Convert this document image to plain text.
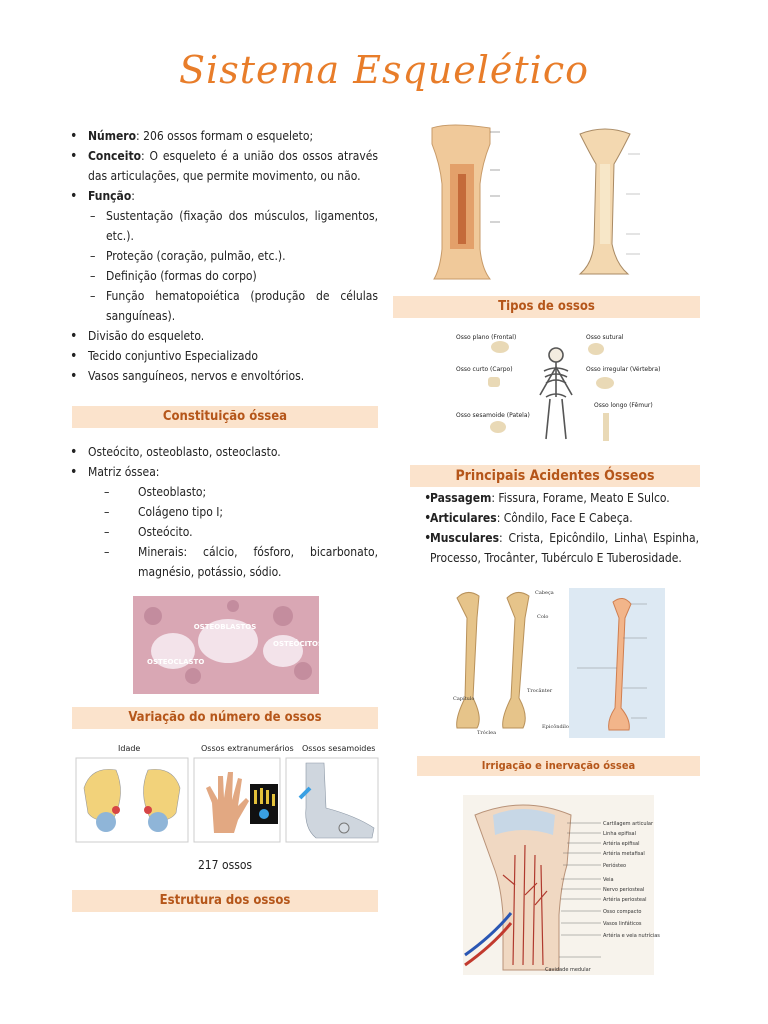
Sistema Esquelético
• Número: 206 ossos formam o esqueleto;
• Conceito: O esqueleto é a união dos ossos através das articulações, que permite movimento, ou não.
• Função:
– Sustentação (fixação dos músculos, ligamentos, etc.).
– Proteção (coração, pulmão, etc.).
– Definição (formas do corpo)
– Função hematopoiética (produção de células sanguíneas).
• Divisão do esqueleto.
• Tecido conjuntivo Especializado
• Vasos sanguíneos, nervos e envoltórios.
Constituição óssea
• Osteócito, osteoblasto, osteoclasto.
• Matriz óssea:
– Osteoblasto;
– Colágeno tipo I;
– Osteócito.
– Minerais: cálcio, fósforo, bicarbonato, magnésio, potássio, sódio.
OSTEOBLASTOS
OSTEÓCITOS
OSTEOCLASTO
Variação do número de ossos
Idade	Ossos extranumerários Ossos sesamoides
217 ossos
Estrutura dos ossos
Tipos de ossos
Osso plano (Frontal)	Osso sutural
Osso curto (Carpo)	Osso irregular (Vértebra)
Osso sesamoide (Patela)
Osso longo (Fêmur)
Principais Acidentes Ósseos
• Passagem: Fissura, Forame, Meato E Sulco.
• Articulares: Côndilo, Face E Cabeça.
• Musculares: Crista, Epicôndilo, Linha\ Espinha, Processo, Trocânter, Tubérculo E Tuberosidade.
Cabeça
Colo
Trocânter
Epicôndilo
Tróclea
Capítulo
Irrigação e inervação óssea
Cartilagem articular
Linha epifisal
Artéria epifisal
Artéria metafisal
Periósteo
Veia
Nervo periosteal
Artéria periosteal
Osso compacto
Vasos linfáticos
Artéria e veia nutrícias
Cavidade medular
